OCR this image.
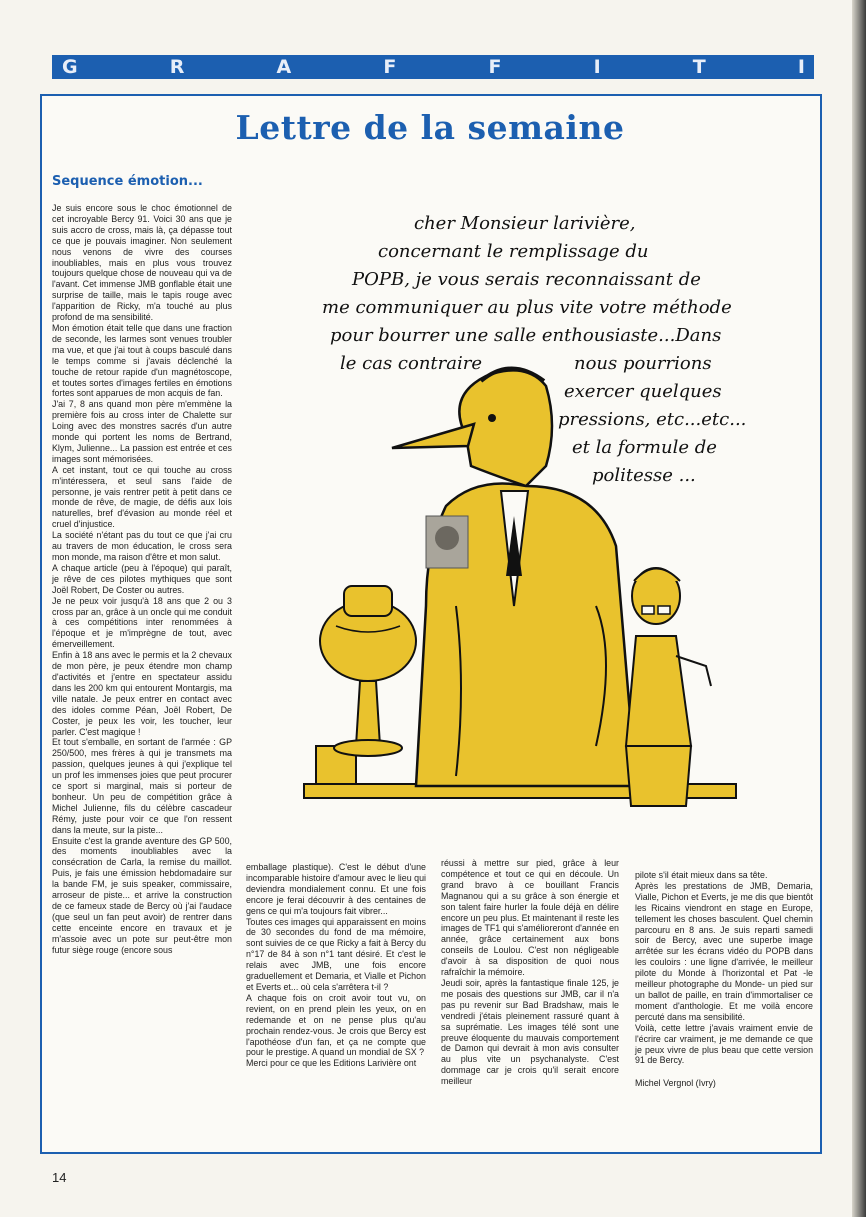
G	R	A	F	F	I	T	I
Lettre de la semaine
Sequence émotion...
cher Monsieur larivière,
concernant le remplissage du
POPB, je vous serais reconnaissant de
me communiquer au plus vite votre méthode
pour bourrer une salle enthousiaste...Dans
le cas contraire	nous pourrions
exercer quelques
pressions, etc...etc...
et la formule de
politesse ...

Je suis encore sous le choc émotionnel de cet incroyable Bercy 91. Voici 30 ans que je suis accro de cross, mais là, ça dépasse tout ce que je pouvais imaginer. Non seulement nous venons de vivre des courses inoubliables, mais en plus vous trouvez toujours quelque chose de nouveau qui va de l'avant. Cet immense JMB gonflable était une surprise de taille, mais le tapis rouge avec l'apparition de Ricky, m'a touché au plus profond de ma sensibilité.

Mon émotion était telle que dans une fraction de seconde, les larmes sont venues troubler ma vue, et que j'ai tout à coups basculé dans le temps comme si j'avais déclenché la touche de retour rapide d'un magnétoscope, et toutes sortes d'images fertiles en émotions fortes sont apparues de mon acquis de fan.

J'ai 7, 8 ans quand mon père m'emmène la première fois au cross inter de Chalette sur Loing avec des monstres sacrés d'un autre monde qui portent les noms de Bertrand, Klym, Julienne... La passion est entrée et ces images sont mémorisées.

A cet instant, tout ce qui touche au cross m'intéressera, et seul sans l'aide de personne, je vais rentrer petit à petit dans ce monde de rêve, de magie, de défis aux lois naturelles, bref d'évasion au monde réel et cruel d'injustice.

La société n'étant pas du tout ce que j'ai cru au travers de mon éducation, le cross sera mon monde, ma raison d'être et mon salut.

A chaque article (peu à l'époque) qui paraît, je rêve de ces pilotes mythiques que sont Joël Robert, De Coster ou autres.

Je ne peux voir jusqu'à 18 ans que 2 ou 3 cross par an, grâce à un oncle qui me conduit à ces compétitions inter renommées à l'époque et je m'imprègne de tout, avec émerveillement.

Enfin à 18 ans avec le permis et la 2 chevaux de mon père, je peux étendre mon champ d'activités et j'entre en spectateur assidu dans les 200 km qui entourent Montargis, ma ville natale. Je peux entrer en contact avec des idoles comme Péan, Joël Robert, De Coster, je peux les voir, les toucher, leur parler. C'est magique !

Et tout s'emballe, en sortant de l'armée : GP 250/500, mes frères à qui je transmets ma passion, quelques jeunes à qui j'explique tel un prof les immenses joies que peut procurer ce sport si marginal, mais si porteur de bonheur. Un peu de compétition grâce à Michel Julienne, fils du célèbre cascadeur Rémy, juste pour voir ce que l'on ressent dans la meute, sur la piste...

Ensuite c'est la grande aventure des GP 500, des moments inoubliables avec la consécration de Carla, la remise du maillot. Puis, je fais une émission hebdomadaire sur la bande FM, je suis speaker, commissaire, arroseur de piste... et arrive la construction de ce fameux stade de Bercy où j'ai l'audace (que seul un fan peut avoir) de rentrer dans cette enceinte encore en travaux et je m'assoie avec un pote sur peut-être mon futur siège rouge (encore sous

emballage plastique). C'est le début d'une incomparable histoire d'amour avec le lieu qui deviendra mondialement connu. Et une fois encore je ferai découvrir à des centaines de gens ce qui m'a toujours fait vibrer...

Toutes ces images qui apparaissent en moins de 30 secondes du fond de ma mémoire, sont suivies de ce que Ricky a fait à Bercy du n°17 de 84 à son n°1 tant désiré. Et c'est le relais avec JMB, une fois encore graduellement et Demaria, et Vialle et Pichon et Everts et... où cela s'arrêtera t-il ?

A chaque fois on croit avoir tout vu, on revient, on en prend plein les yeux, on en redemande et on ne pense plus qu'au prochain rendez-vous. Je crois que Bercy est l'apothéose d'un fan, et ça ne compte que pour le prestige. A quand un mondial de SX ?

Merci pour ce que les Editions Larivière ont

réussi à mettre sur pied, grâce à leur compétence et tout ce qui en découle. Un grand bravo à ce bouillant Francis Magnanou qui a su grâce à son énergie et son talent faire hurler la foule déjà en délire encore un peu plus. Et maintenant il reste les images de TF1 qui s'amélioreront d'année en année, grâce certainement aux bons conseils de Loulou. C'est non négligeable d'avoir à sa disposition de quoi nous rafraîchir la mémoire.

Jeudi soir, après la fantastique finale 125, je me posais des questions sur JMB, car il n'a pas pu revenir sur Bad Bradshaw, mais le vendredi j'étais pleinement rassuré quant à sa suprématie. Les images télé sont une preuve éloquente du mauvais comportement de Damon qui devrait à mon avis consulter au plus vite un psychanalyste. C'est dommage car je crois qu'il serait encore meilleur

pilote s'il était mieux dans sa tête.

Après les prestations de JMB, Demaria, Vialle, Pichon et Everts, je me dis que bientôt les Ricains viendront en stage en Europe, tellement les choses basculent. Quel chemin parcouru en 8 ans. Je suis reparti samedi soir de Bercy, avec une superbe image arrêtée sur les écrans vidéo du POPB dans les couloirs : une ligne d'arrivée, le meilleur pilote du Monde à l'horizontal et Pat -le meilleur photographe du Monde- un pied sur un ballot de paille, en train d'immortaliser ce moment d'anthologie. Et me voilà encore percuté dans ma sensibilité.

Voilà, cette lettre j'avais vraiment envie de l'écrire car vraiment, je me demande ce que je peux vivre de plus beau que cette version 91 de Bercy.

Michel Vergnol (Ivry)

14
